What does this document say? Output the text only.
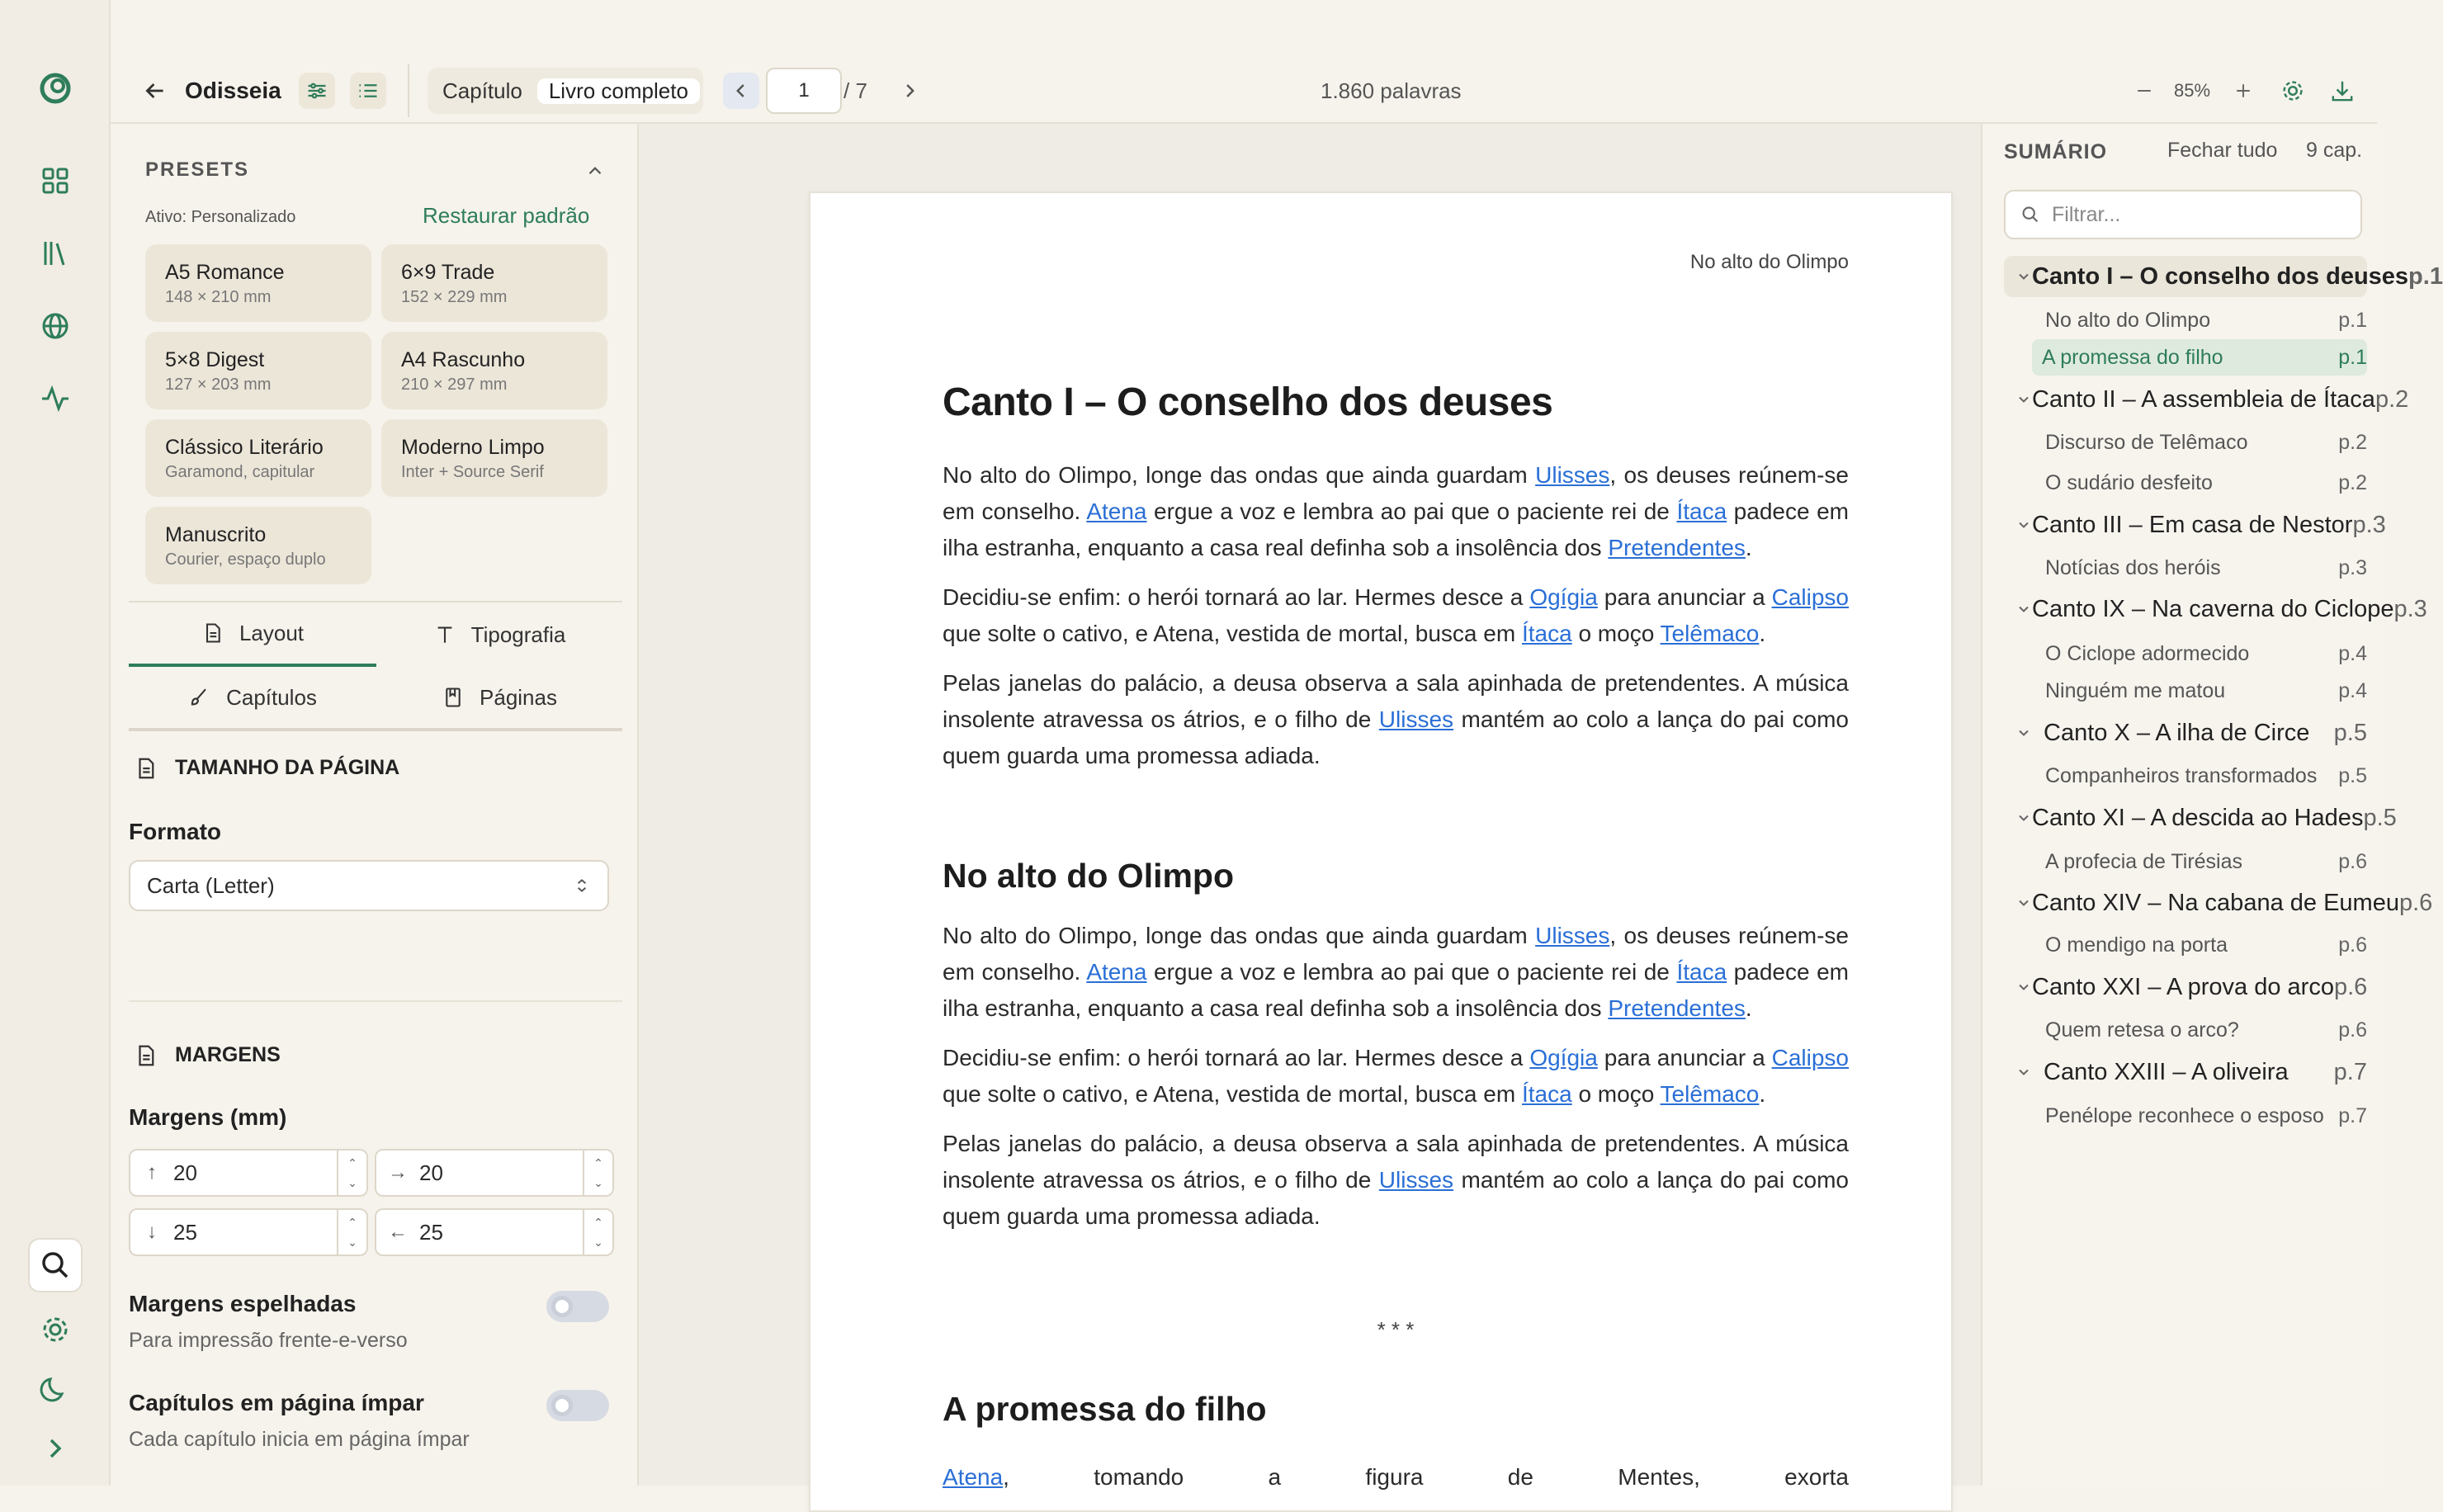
Odisseia	Capítulo	Livro completo	1	/ 7	1.860 palavras	85%
PRESETS
Ativo: Personalizado	Restaurar padrão
A5 Romance
148 × 210 mm
6×9 Trade
152 × 229 mm
5×8 Digest
127 × 203 mm
A4 Rascunho
210 × 297 mm
Clássico Literário
Garamond, capitular
Moderno Limpo
Inter + Source Serif
Manuscrito
Courier, espaço duplo
Layout	Tipografia
Capítulos	Páginas
TAMANHO DA PÁGINA
Formato
Carta (Letter)
MARGENS
Margens (mm)
↑ 20	⌃
⌄	→ 20	⌃
⌄
↓ 25	⌃
⌄	← 25	⌃
⌄
Margens espelhadas
Para impressão frente-e-verso
Capítulos em página ímpar
Cada capítulo inicia em página ímpar
No alto do Olimpo
Canto I – O conselho dos deuses

No alto do Olimpo, longe das ondas que ainda guardam Ulisses, os deuses reúnem-se em conselho. Atena ergue a voz e lembra ao pai que o paciente rei de Ítaca padece em ilha estranha, enquanto a casa real definha sob a insolência dos Pretendentes.

Decidiu-se enfim: o herói tornará ao lar. Hermes desce a Ogígia para anunciar a Calipso que solte o cativo, e Atena, vestida de mortal, busca em Ítaca o moço Telêmaco.

Pelas janelas do palácio, a deusa observa a sala apinhada de pretendentes. A música insolente atravessa os átrios, e o filho de Ulisses mantém ao colo a lança do pai como quem guarda uma promessa adiada.

No alto do Olimpo

No alto do Olimpo, longe das ondas que ainda guardam Ulisses, os deuses reúnem-se em conselho. Atena ergue a voz e lembra ao pai que o paciente rei de Ítaca padece em ilha estranha, enquanto a casa real definha sob a insolência dos Pretendentes.

Decidiu-se enfim: o herói tornará ao lar. Hermes desce a Ogígia para anunciar a Calipso que solte o cativo, e Atena, vestida de mortal, busca em Ítaca o moço Telêmaco.

Pelas janelas do palácio, a deusa observa a sala apinhada de pretendentes. A música insolente atravessa os átrios, e o filho de Ulisses mantém ao colo a lança do pai como quem guarda uma promessa adiada.

* * *
A promessa do filho

Atena, tomando a figura de Mentes, exorta

SUMÁRIO	Fechar tudo 9 cap.
Filtrar...
Canto I – O conselho dos deuses p.1
No alto do Olimpo	p.1
A promessa do filho	p.1
Canto II – A assembleia de Ítaca p.2
Discurso de Telêmaco	p.2
O sudário desfeito	p.2
Canto III – Em casa de Nestor p.3
Notícias dos heróis	p.3
Canto IX – Na caverna do Ciclope p.3
O Ciclope adormecido	p.4
Ninguém me matou	p.4
Canto X – A ilha de Circe	p.5
Companheiros transformados	p.5
Canto XI – A descida ao Hades p.5
A profecia de Tirésias	p.6
Canto XIV – Na cabana de Eumeu p.6
O mendigo na porta	p.6
Canto XXI – A prova do arco p.6
Quem retesa o arco?	p.6
Canto XXIII – A oliveira	p.7
Penélope reconhece o esposo p.7
